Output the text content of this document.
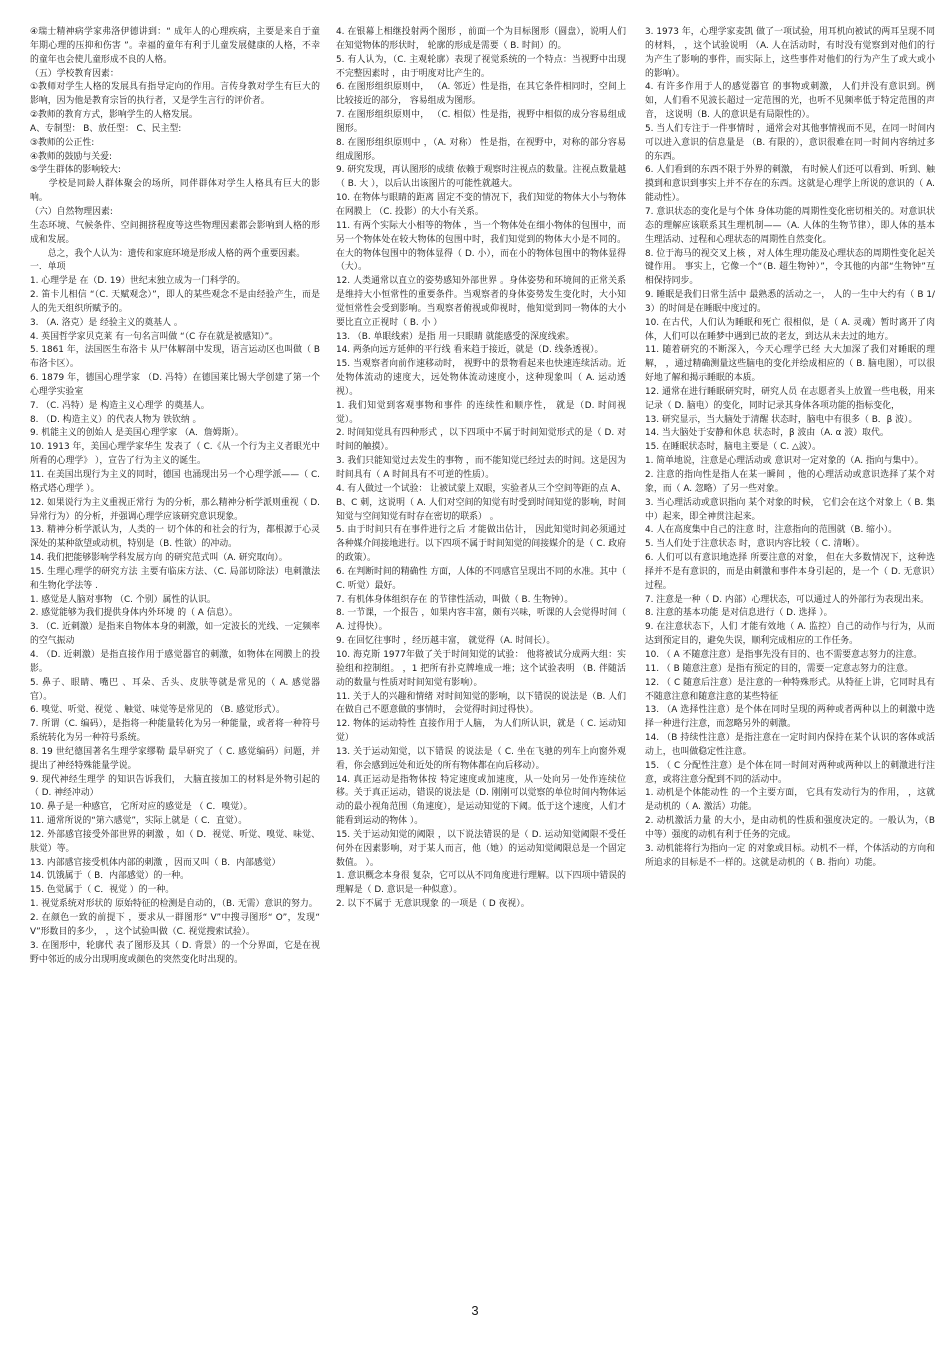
④瑞士精神病学家弗洛伊德讲到：“ 成年人的心理疾病，主要是来自于童年期心理的压抑和伤害 ”。幸福的童年有利于儿童发展健康的人格，不幸的童年也会使儿童形成不良的人格。

（五）学校教育因素：

①教师对学生人格的发展具有指导定向的作用。言传身教对学生有巨大的影响，因为他是教育宗旨的执行者，又是学生言行的评价者。

②教师的教育方式，影响学生的人格发展。

A、专制型： B、放任型： C、民主型:

③教师的公正性:

④教师的鼓励与关爱:

⑤学生群体的影响较大:

　　学校是同龄人群体聚会的场所，同伴群体对学生人格具有巨大的影响。

（六）自然物理因素:

生态环境、气候条件、空间拥挤程度等这些物理因素都会影响到人格的形成和发展。

　　总之，我个人认为：遗传和家庭环境是形成人格的两个重要因素。

一．单项

1. 心理学是 在（D. 19）世纪末独立成为一门科学的。

2. 笛卡儿相信 “（C. 天赋观念）”，即人的某些观念不是由经验产生，而是人的先天组织所赋予的。

3. （A. 洛克）是 经验主义的奠基人 。

4. 英国哲学家贝克莱 有一句名言叫做 “（C 存在就是被感知）”。

5. 1861 年，法国医生布洛卡 从尸体解剖中发现，语言运动区也叫做（ B 布洛卡区）。

6. 1879 年，德国心理学家 （D. 冯特）在德国莱比锡大学创建了第一个心理学实验室

7. （C. 冯特）是 构造主义心理学 的奠基人。

8. （D. 构造主义）的代表人物为 铁钦纳 。

9. 机能主义的创始人 是美国心理学家 （A．詹姆斯）。

10. 1913 年，美国心理学家华生 发表了（ C.《从一个行为主义者眼光中所看的心理学》 ），宣告了行为主义的诞生。

11. 在美国出现行为主义的同时，德国 也涌现出另一个心理学派——（ C. 格式塔心理学 ）。

12. 如果说行为主义重视正常行 为的分析，那么精神分析学派则重视（ D. 异常行为）的分析，并强调心理学应该研究意识现象。

13. 精神分析学派认为，人类的一 切个体的和社会的行为，都根源于心灵深处的某种欲望或动机，特别是（B. 性欲）的冲动。

14. 我们把能够影响学科发展方向 的研究范式叫（A. 研究取向）。

15. 生理心理学的研究方法 主要有临床方法、（C. 局部切除法）电刺激法和生物化学法等 .

1. 感觉是人脑对事物 （C. 个别）属性的认识。

2. 感觉能够为我们提供身体内外环境 的（ A 信息）。

3. （C. 近刺激）是指来自物体本身的刺激，如一定波长的光线、一定频率的空气振动

4. （D. 近刺激）是指直接作用于感觉器官的刺激，如物体在网膜上的投影。

5. 鼻子、眼睛、嘴巴 、耳朵、舌头、皮肤等就是常见的（ A. 感觉器官）。

6. 嗅觉、听觉、视觉 、触觉、味觉等是常见的 （B. 感觉形式）。

7. 所谓（C. 编码），是指将一种能量转化为另一种能量，或者将一种符号系统转化为另一种符号系统。

8. 19 世纪德国著名生理学家缪勒 最早研究了（ C. 感觉编码）问题，并提出了神经特殊能量学说。

9. 现代神经生理学 的知识告诉我们， 大脑直接加工的材料是外物引起的（ D. 神经冲动）

10. 鼻子是一种感官， 它所对应的感觉是 （ C．嗅觉）。

11. 通常所说的“第六感觉”，实际上就是（ C．直觉）。

12. 外部感官接受外部世界的刺激 ，如（ D．视觉、听觉、嗅觉、味觉、肤觉）等。

13. 内部感官接受机体内部的刺激 ，因而又叫（ B．内部感觉）

14. 饥饿属于（ B．内部感觉）的一种。

15. 色觉属于（ C．视觉 ）的一种。

1. 视觉系统对形状的 原始特征的检测是自动的，（B. 无需）意识的努力。

2. 在颜色一致的前提下 ，要求从一群图形“ V”中搜寻图形“ O”，发现“ V”形数目的多少， ，这个试验叫做（C. 视觉搜索试验）。

3. 在图形中，轮廓代 表了图形及其（ D. 背景）的一个分界面，它是在视野中邻近的成分出现明度或颜色的突然变化时出现的。

4. 在银幕上相继投射两个图形 ，前面一个为目标图形（圆盘），说明人们在知觉物体的形状时， 轮廓的形成是需要（ B. 时间）的。

5. 有人认为，（C. 主观轮廓）表现了视觉系统的一个特点：当视野中出现不完整因素时 ，由于明度对比产生的。

6. 在图形组织原则中， （A. 邻近）性是指，在其它条件相同时，空间上比较接近的部分， 容易组成为图形。

7. 在图形组织原则中， （C. 相似）性是指，视野中相似的成分容易组成图形。

8. 在图形组织原则中 ，（A. 对称） 性是指，在视野中，对称的部分容易组成图形。

9. 研究发现，再认图形的成绩 依赖于观察时注视点的数量。注视点数量越（ B. 大 ），以后认出该图片的可能性就越大。

10. 在物体与眼睛的距离 固定不变的情况下，我们知觉的物体大小与物体在网膜上 （C. 投影）的大小有关系。

11. 有两个实际大小相等的物体 ，当一个物体处在细小物体的包围中，而另一个物体处在较大物体的包围中时，我们知觉到的物体大小是不同的。在大的物体包围中的物体显得（ D. 小），而在小的物体包围中的物体显得（大）。

12. 人类通常以直立的姿势感知外部世界 。身体姿势和环境间的正常关系是维持大小恒常性的重要条件。当观察者的身体姿势发生变化时，大小知觉恒常性会受到影响。当观察者俯视或仰视时，他知觉到同一物体的大小要比直立正视时（ B. 小 ）

13. （B. 单眼线索）是指 用一只眼睛 就能感受的深度线索。

14. 两条向远方延伸的平行线 看来趋于接近，就是（D. 线条透视）。

15. 当观察者向前作速移动时， 视野中的景物看起来也快速连续活动。近处物体流动的速度大，远处物体流动速度小，这种现象叫（ A. 运动透视）。

1. 我们知觉到客观事物和事件 的连续性和顺序性， 就是（D. 时间视觉）。

2. 时间知觉具有四种形式 ，以下四项中不属于时间知觉形式的是（ D. 对时间的触摸）。

3. 我们只能知觉过去发生的事物 ，而不能知觉已经过去的时间。这是因为时间具有（ A 时间具有不可逆的性质）。

4. 有人做过一个试验： 让被试蒙上双眼，实验者从三个空间等距的点 A、B、C 刺，这说明（ A. 人们对空间的知觉有时受到时间知觉的影响，时间知觉与空间知觉有时存在密切的联系） 。

5. 由于时间只有在事件进行之后 才能做出估计， 因此知觉时间必须通过各种媒介间接地进行。以下四项不属于时间知觉的间接媒介的是（ C. 政府的政策）。

6. 在判断时间的精确性 方面，人体的不同感官呈现出不同的水准。其中（ C. 听觉）最好。

7. 有机体身体组织存在 的节律性活动，叫做（ B. 生物钟）。

8. 一节课，一个报告 ，如果内容丰富，颇有兴味，听课的人会觉得时间（ A. 过得快）。

9. 在回忆往事时 ，经历越丰富， 就觉得（A. 时间长）。

10. 海克斯 1977年做了关于时间知觉的试验： 他将被试分成两大组：实验组和控制组。 ，1 把所有扑克牌堆成一堆；这个试验表明 （B. 伴随活动的数量与性质对时间知觉有影响）。

11. 关于人的兴趣和情绪 对时间知觉的影响，以下错误的说法是（B. 人们在做自己不愿意做的事情时， 会觉得时间过得快）。

12. 物体的运动特性 直接作用于人脑， 为人们所认识，就是（ C. 运动知觉）

13. 关于运动知觉，以下错误 的说法是（ C. 坐在飞驰的列车上向窗外观看，你会感到远处和近处的所有物体都在向后移动）。

14. 真正运动是指物体按 特定速度或加速度，从一处向另一处作连续位移。关于真正运动，错误的说法是（D. 刚刚可以觉察的单位时间内物体运动的最小视角范围（角速度），是运动知觉的下阈。低于这个速度，人们才能看到运动的物体 ）。

15. 关于运动知觉的阈限 ，以下说法错误的是（ D. 运动知觉阈限不受任何外在因素影响，对于某人而言，他（她）的运动知觉阈限总是一个固定数值。 ）。

1. 意识概念本身很 复杂，它可以从不同角度进行理解。以下四项中错误的理解是（ D. 意识是一种似意）。

2. 以下不属于 无意识现象 的一项是（ D 夜视）。

3. 1973 年，心理学家麦凯 做了一项试验，用耳机向被试的两耳呈现不同的材料， ，这个试验说明 （A. 人在活动时，有时没有觉察到对他们的行为产生了影响的事件，而实际上，这些事件对他们的行为产生了或大或小的影响）。

4. 有许多作用于人的感觉器官 的事物或刺激， 人们并没有意识到。例如，人们看不见波长超过一定范围的光，也听不见频率低于特定范围的声音， 这说明（B. 人的意识是有局限性的）。

5. 当人们专注于一件事情时 ，通常会对其他事情视而不见，在同一时间内可以进入意识的信息量是 （B. 有限的），意识很难在同一时间内容纳过多的东西。

6. 人们看到的东西不限于外界的刺激， 有时候人们还可以看到、听到、触摸到和意识到事实上并不存在的东西。这就是心理学上所说的意识的（ A. 能动性）。

7. 意识状态的变化是与个体 身体功能的周期性变化密切相关的。对意识状态的理解应该联系其生理机制——（A. 人体的生物节律），即人体的基本生理活动、过程和心理状态的周期性自然变化。

8. 位于海马的视交叉上核 ，对人体生理功能及心理状态的周期性变化起关键作用。 事实上，它像一个“（B. 超生物钟）”，令其他的内部“生物钟”互相保持同步。

9. 睡眠是我们日常生活中 最熟悉的活动之一， 人的一生中大约有（ B 1/3）的时间是在睡眠中度过的。

10. 在古代，人们认为睡眠和死亡 很相似，是（ A. 灵魂）暂时离开了肉体，人们可以在睡梦中遇到已故的老友，到达从未去过的地方。

11. 随着研究的不断深入，今天心理学已经 大大加深了我们对睡眠的理解， ，通过精确测量这些脑电的变化并绘成相应的（ B. 脑电图），可以很好地了解和揭示睡眠的本质。

12. 通常在进行睡眠研究时，研究人员 在志愿者头上放置一些电极，用来记录（ D. 脑电）的变化，同时记录其身体各项功能的指标变化，

13. 研究显示，当大脑处于清醒 状态时，脑电中有很多（ B．β 波）。

14. 当大脑处于安静和休息 状态时，β 波由（A. α 波）取代。

15. 在睡眠状态时，脑电主要是（ C. △波）。

1. 简单地说，注意是心理活动或 意识对一定对象的（A. 指向与集中）。

2. 注意的指向性是指人在某一瞬间 ，他的心理活动或意识选择了某个对象，而（ A. 忽略）了另一些对象。

3. 当心理活动或意识指向 某个对象的时候， 它们会在这个对象上（ B. 集中）起来，即全神贯注起来。

4. 人在高度集中自己的注意 时，注意指向的范围就（B. 缩小）。

5. 当人们处于注意状态 时，意识内容比较（ C. 清晰）。

6. 人们可以有意识地选择 所要注意的对象， 但在大多数情况下，这种选择并不是有意识的，而是由刺激和事件本身引起的，是一个（ D. 无意识）过程。

7. 注意是一种（ D. 内部）心理状态，可以通过人的外部行为表现出来。

8. 注意的基本功能 是对信息进行（ D. 选择 ）。

9. 在注意状态下，人们 才能有效地（ A. 监控）自己的动作与行为，从而达到预定目的，避免失误，顺利完成相应的工作任务。

10. （ A 不随意注意）是指事先没有目的、也不需要意志努力的注意。

11. （ B 随意注意）是指有预定的目的，需要一定意志努力的注意。

12. （ C 随意后注意）是注意的一种特殊形式。从特征上讲，它同时具有不随意注意和随意注意的某些特征

13. （A 选择性注意）是个体在同时呈现的两种或者两种以上的刺激中选择一种进行注意，而忽略另外的刺激。

14. （B 持续性注意）是指注意在一定时间内保持在某个认识的客体或活动上，也叫做稳定性注意。

15. （ C 分配性注意）是个体在同一时间对两种或两种以上的刺激进行注意，或将注意分配到不同的活动中。

1. 动机是个体能动性 的一个主要方面， 它具有发动行为的作用， ，这就是动机的（ A. 激活）功能。

2. 动机激活力量 的大小，是由动机的性质和强度决定的。一般认为，（B 中等）强度的动机有利于任务的完成。

3. 动机能将行为指向一定 的对象或目标。动机不一样，个体活动的方向和所追求的目标是不一样的。这就是动机的（ B. 指向）功能。

3
